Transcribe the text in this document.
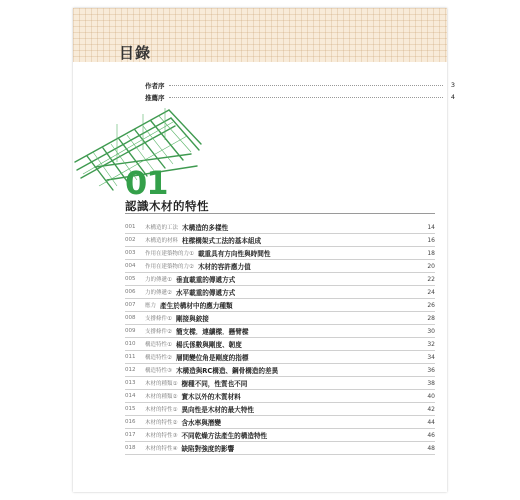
目錄
作者序	3
推薦序	4
01
認識木材的特性
001	木構造的工法 木構造的多樣性	14
002	木構造的材料 柱樑構架式工法的基本組成	16
003	作用在建築物的力① 載重具有方向性與時間性	18
004	作用在建築物的力② 木材的容許應力值	20
005	力的傳遞① 垂直載重的傳遞方式	22
006	力的傳遞② 水平載重的傳遞方式	24
007	應力 產生於構材中的應力種類	26
008	支撐條件① 剛接與鉸接	28
009	支撐條件② 簡支樑．連續樑．懸臂樑	30
010	構造特性① 楊氏係數與剛度、韌度	32
011	構造特性② 層間變位角是剛度的指標	34
012	構造特性③ 木構造與RC構造、鋼骨構造的差異	36
013	木材的種類① 樹種不同，性質也不同	38
014	木材的種類② 實木以外的木質材料	40
015	木材的特性① 異向性是木材的最大特性	42
016	木材的特性② 含水率與潛變	44
017	木材的特性③ 不同乾燥方法產生的構造特性	46
018	木材的特性④ 缺陷對強度的影響	48
